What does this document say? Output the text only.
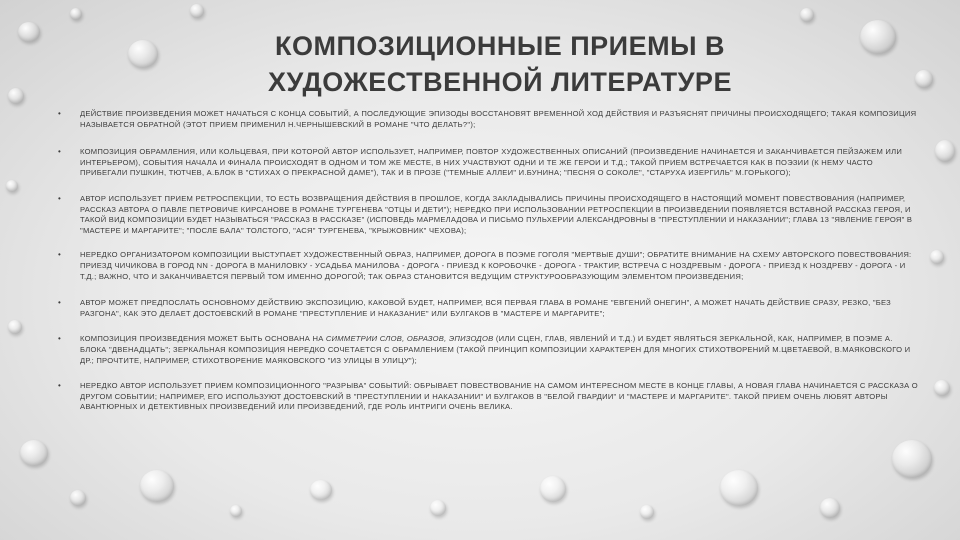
КОМПОЗИЦИОННЫЕ ПРИЕМЫ В
ХУДОЖЕСТВЕННОЙ ЛИТЕРАТУРЕ
• ДЕЙСТВИЕ ПРОИЗВЕДЕНИЯ МОЖЕТ НАЧАТЬСЯ С КОНЦА СОБЫТИЙ, А ПОСЛЕДУЮЩИЕ ЭПИЗОДЫ ВОССТАНОВЯТ ВРЕМЕННОЙ ХОД ДЕЙСТВИЯ И РАЗЪЯСНЯТ ПРИЧИНЫ ПРОИСХОДЯЩЕГО; ТАКАЯ КОМПОЗИЦИЯ НАЗЫВАЕТСЯ ОБРАТНОЙ (ЭТОТ ПРИЕМ ПРИМЕНИЛ Н.ЧЕРНЫШЕВСКИЙ В РОМАНЕ "ЧТО ДЕЛАТЬ?");
• КОМПОЗИЦИЯ ОБРАМЛЕНИЯ, ИЛИ КОЛЬЦЕВАЯ, ПРИ КОТОРОЙ АВТОР ИСПОЛЬЗУЕТ, НАПРИМЕР, ПОВТОР ХУДОЖЕСТВЕННЫХ ОПИСАНИЙ (ПРОИЗВЕДЕНИЕ НАЧИНАЕТСЯ И ЗАКАНЧИВАЕТСЯ ПЕЙЗАЖЕМ ИЛИ ИНТЕРЬЕРОМ), СОБЫТИЯ НАЧАЛА И ФИНАЛА ПРОИСХОДЯТ В ОДНОМ И ТОМ ЖЕ МЕСТЕ, В НИХ УЧАСТВУЮТ ОДНИ И ТЕ ЖЕ ГЕРОИ И Т.Д.; ТАКОЙ ПРИЕМ ВСТРЕЧАЕТСЯ КАК В ПОЭЗИИ (К НЕМУ ЧАСТО ПРИБЕГАЛИ ПУШКИН, ТЮТЧЕВ, А.БЛОК В "СТИХАХ О ПРЕКРАСНОЙ ДАМЕ"), ТАК И В ПРОЗЕ ("ТЕМНЫЕ АЛЛЕИ" И.БУНИНА; "ПЕСНЯ О СОКОЛЕ", "СТАРУХА ИЗЕРГИЛЬ" М.ГОРЬКОГО);
• АВТОР ИСПОЛЬЗУЕТ ПРИЕМ РЕТРОСПЕКЦИИ, ТО ЕСТЬ ВОЗВРАЩЕНИЯ ДЕЙСТВИЯ В ПРОШЛОЕ, КОГДА ЗАКЛАДЫВАЛИСЬ ПРИЧИНЫ ПРОИСХОДЯЩЕГО В НАСТОЯЩИЙ МОМЕНТ ПОВЕСТВОВАНИЯ (НАПРИМЕР, РАССКАЗ АВТОРА О ПАВЛЕ ПЕТРОВИЧЕ КИРСАНОВЕ В РОМАНЕ ТУРГЕНЕВА "ОТЦЫ И ДЕТИ"); НЕРЕДКО ПРИ ИСПОЛЬЗОВАНИИ РЕТРОСПЕКЦИИ В ПРОИЗВЕДЕНИИ ПОЯВЛЯЕТСЯ ВСТАВНОЙ РАССКАЗ ГЕРОЯ, И ТАКОЙ ВИД КОМПОЗИЦИИ БУДЕТ НАЗЫВАТЬСЯ "РАССКАЗ В РАССКАЗЕ" (ИСПОВЕДЬ МАРМЕЛАДОВА И ПИСЬМО ПУЛЬХЕРИИ АЛЕКСАНДРОВНЫ В "ПРЕСТУПЛЕНИИ И НАКАЗАНИИ"; ГЛАВА 13 "ЯВЛЕНИЕ ГЕРОЯ" В "МАСТЕРЕ И МАРГАРИТЕ"; "ПОСЛЕ БАЛА" ТОЛСТОГО, "АСЯ" ТУРГЕНЕВА, "КРЫЖОВНИК" ЧЕХОВА);
• НЕРЕДКО ОРГАНИЗАТОРОМ КОМПОЗИЦИИ ВЫСТУПАЕТ ХУДОЖЕСТВЕННЫЙ ОБРАЗ, НАПРИМЕР, ДОРОГА В ПОЭМЕ ГОГОЛЯ "МЕРТВЫЕ ДУШИ"; ОБРАТИТЕ ВНИМАНИЕ НА СХЕМУ АВТОРСКОГО ПОВЕСТВОВАНИЯ: ПРИЕЗД ЧИЧИКОВА В ГОРОД NN - ДОРОГА В МАНИЛОВКУ - УСАДЬБА МАНИЛОВА - ДОРОГА - ПРИЕЗД К КОРОБОЧКЕ - ДОРОГА - ТРАКТИР, ВСТРЕЧА С НОЗДРЕВЫМ - ДОРОГА - ПРИЕЗД К НОЗДРЕВУ - ДОРОГА - И Т.Д.; ВАЖНО, ЧТО И ЗАКАНЧИВАЕТСЯ ПЕРВЫЙ ТОМ ИМЕННО ДОРОГОЙ; ТАК ОБРАЗ СТАНОВИТСЯ ВЕДУЩИМ СТРУКТУРООБРАЗУЮЩИМ ЭЛЕМЕНТОМ ПРОИЗВЕДЕНИЯ;
• АВТОР МОЖЕТ ПРЕДПОСЛАТЬ ОСНОВНОМУ ДЕЙСТВИЮ ЭКСПОЗИЦИЮ, КАКОВОЙ БУДЕТ, НАПРИМЕР, ВСЯ ПЕРВАЯ ГЛАВА В РОМАНЕ "ЕВГЕНИЙ ОНЕГИН", А МОЖЕТ НАЧАТЬ ДЕЙСТВИЕ СРАЗУ, РЕЗКО, "БЕЗ РАЗГОНА", КАК ЭТО ДЕЛАЕТ ДОСТОЕВСКИЙ В РОМАНЕ "ПРЕСТУПЛЕНИЕ И НАКАЗАНИЕ" ИЛИ БУЛГАКОВ В "МАСТЕРЕ И МАРГАРИТЕ";
• КОМПОЗИЦИЯ ПРОИЗВЕДЕНИЯ МОЖЕТ БЫТЬ ОСНОВАНА НА СИММЕТРИИ СЛОВ, ОБРАЗОВ, ЭПИЗОДОВ (ИЛИ СЦЕН, ГЛАВ, ЯВЛЕНИЙ И Т.Д.) И БУДЕТ ЯВЛЯТЬСЯ ЗЕРКАЛЬНОЙ, КАК, НАПРИМЕР, В ПОЭМЕ А. БЛОКА "ДВЕНАДЦАТЬ"; ЗЕРКАЛЬНАЯ КОМПОЗИЦИЯ НЕРЕДКО СОЧЕТАЕТСЯ С ОБРАМЛЕНИЕМ (ТАКОЙ ПРИНЦИП КОМПОЗИЦИИ ХАРАКТЕРЕН ДЛЯ МНОГИХ СТИХОТВОРЕНИЙ М.ЦВЕТАЕВОЙ, В.МАЯКОВСКОГО И ДР.; ПРОЧТИТЕ, НАПРИМЕР, СТИХОТВОРЕНИЕ МАЯКОВСКОГО "ИЗ УЛИЦЫ В УЛИЦУ");
• НЕРЕДКО АВТОР ИСПОЛЬЗУЕТ ПРИЕМ КОМПОЗИЦИОННОГО "РАЗРЫВА" СОБЫТИЙ: ОБРЫВАЕТ ПОВЕСТВОВАНИЕ НА САМОМ ИНТЕРЕСНОМ МЕСТЕ В КОНЦЕ ГЛАВЫ, А НОВАЯ ГЛАВА НАЧИНАЕТСЯ С РАССКАЗА О ДРУГОМ СОБЫТИИ; НАПРИМЕР, ЕГО ИСПОЛЬЗУЮТ ДОСТОЕВСКИЙ В "ПРЕСТУПЛЕНИИ И НАКАЗАНИИ" И БУЛГАКОВ В "БЕЛОЙ ГВАРДИИ" И "МАСТЕРЕ И МАРГАРИТЕ". ТАКОЙ ПРИЕМ ОЧЕНЬ ЛЮБЯТ АВТОРЫ АВАНТЮРНЫХ И ДЕТЕКТИВНЫХ ПРОИЗВЕДЕНИЙ ИЛИ ПРОИЗВЕДЕНИЙ, ГДЕ РОЛЬ ИНТРИГИ ОЧЕНЬ ВЕЛИКА.
